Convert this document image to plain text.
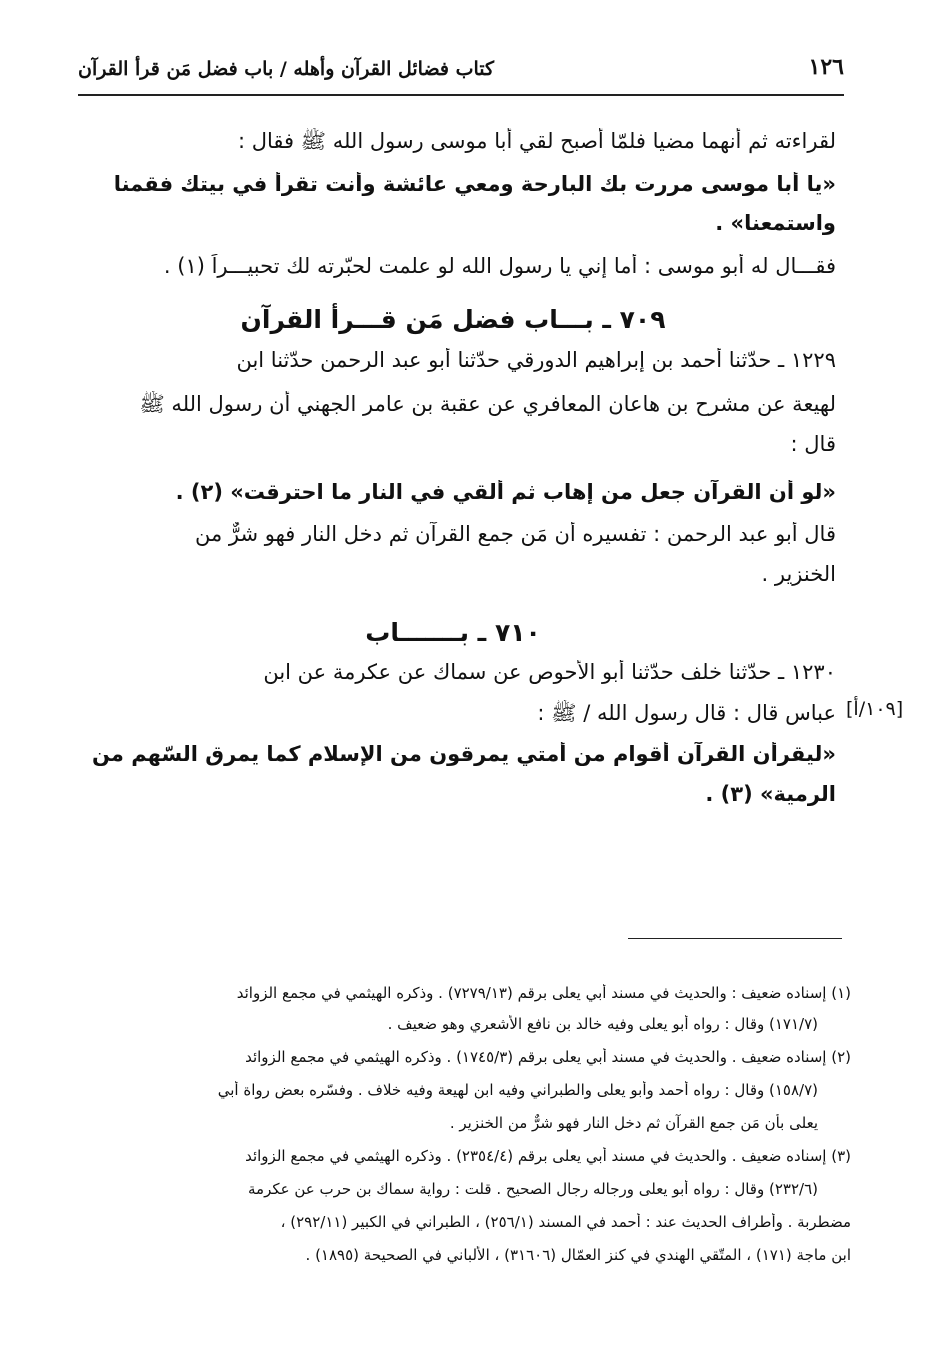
١٢٦
كتاب فضائل القرآن وأهله / باب فضل مَن قرأ القرآن
لقراءته ثم أنهما مضيا فلمّا أصبح لقي أبا موسى رسول الله ﷺ فقال :
«يا أبا موسى مررت بك البارحة ومعي عائشة وأنت تقرأ في بيتك فقمنا
واستمعنا» .
فقـــال له أبو موسى : أما إني يا رسول الله لو علمت لحبّرته لك تحبيـــراً (١) .
٧٠٩ ـ بـــاب فضل مَن قـــرأ القرآن
١٢٢٩ ـ حدّثنا أحمد بن إبراهيم الدورقي حدّثنا أبو عبد الرحمن حدّثنا ابن
لهيعة عن مشرح بن هاعان المعافري عن عقبة بن عامر الجهني أن رسول الله ﷺ
قال :
«لو أن القرآن جعل من إهاب ثم أُلقي في النار ما احترقت» (٢) .
قال أبو عبد الرحمن : تفسيره أن مَن جمع القرآن ثم دخل النار فهو شرٌّ من
الخنزير .
٧١٠ ـ بـــــــاب
١٢٣٠ ـ حدّثنا خلف حدّثنا أبو الأحوص عن سماك عن عكرمة عن ابن
عباس قال : قال رسول الله / ﷺ : [١٠٩/أ]
«ليقرأن القرآن أقوام من أُمتي يمرقون من الإسلام كما يمرق السّهم من
الرمية» (٣) .
(١) إسناده ضعيف : والحديث في مسند أبي يعلى برقم (٧٢٧٩/١٣) . وذكره الهيثمي في مجمع الزوائد
(١٧١/٧) وقال : رواه أبو يعلى وفيه خالد بن نافع الأشعري وهو ضعيف .
(٢) إسناده ضعيف . والحديث في مسند أبي يعلى برقم (١٧٤٥/٣) . وذكره الهيثمي في مجمع الزوائد
(١٥٨/٧) وقال : رواه أحمد وأبو يعلى والطبراني وفيه ابن لهيعة وفيه خلاف . وفسّره بعض رواة أبي
يعلى بأن مَن جمع القرآن ثم دخل النار فهو شرٌّ من الخنزير .
(٣) إسناده ضعيف . والحديث في مسند أبي يعلى برقم (٢٣٥٤/٤) . وذكره الهيثمي في مجمع الزوائد
(٢٣٢/٦) وقال : رواه أبو يعلى ورجاله رجال الصحيح . قلت : رواية سماك بن حرب عن عكرمة
مضطربة . وأطراف الحديث عند : أحمد في المسند (٢٥٦/١) ، الطبراني في الكبير (٢٩٢/١١) ،
ابن ماجة (١٧١) ، المتّقي الهندي في كنز العمّال (٣١٦٠٦) ، الألباني في الصحيحة (١٨٩٥) .
